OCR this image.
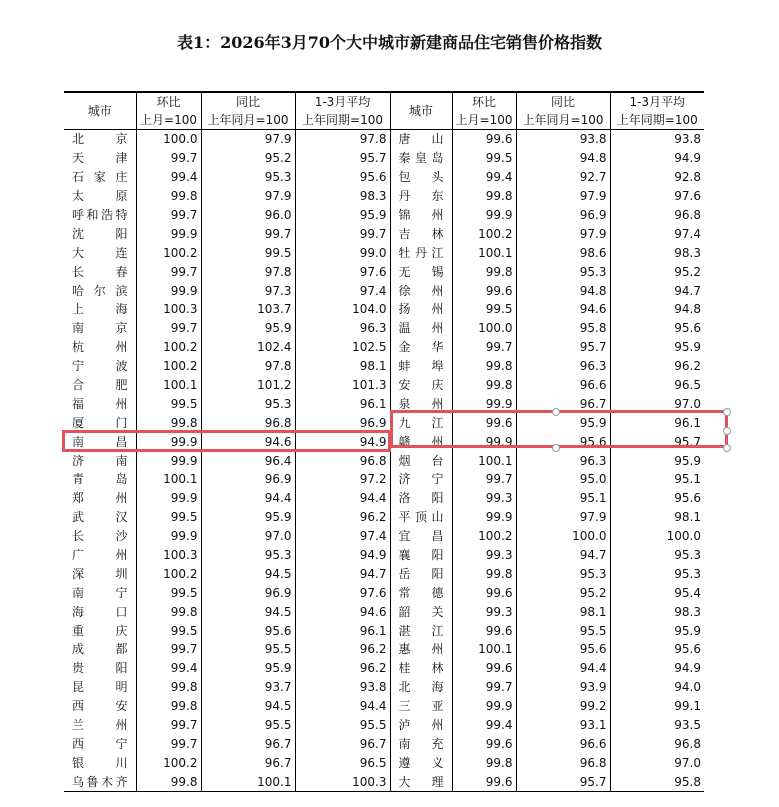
表1：2026年3月70个大中城市新建商品住宅销售价格指数
城市	环比	同比	1-3月平均	城市	环比	同比	1-3月平均
	上月=100	上年同月=100	上年同期=100		上月=100	上年同月=100	上年同期=100
北京	100.0	97.9	97.8	唐山	99.6	93.8	93.8
天津	99.7	95.2	95.7	秦皇岛	99.5	94.8	94.9
石家庄	99.4	95.3	95.6	包头	99.4	92.7	92.8
太原	99.8	97.9	98.3	丹东	99.8	97.9	97.6
呼和浩特	99.7	96.0	95.9	锦州	99.9	96.9	96.8
沈阳	99.9	99.7	99.7	吉林	100.2	97.9	97.4
大连	100.2	99.5	99.0	牡丹江	100.1	98.6	98.3
长春	99.7	97.8	97.6	无锡	99.8	95.3	95.2
哈尔滨	99.9	97.3	97.4	徐州	99.6	94.8	94.7
上海	100.3	103.7	104.0	扬州	99.5	94.6	94.8
南京	99.7	95.9	96.3	温州	100.0	95.8	95.6
杭州	100.2	102.4	102.5	金华	99.7	95.7	95.9
宁波	100.2	97.8	98.1	蚌埠	99.8	96.3	96.2
合肥	100.1	101.2	101.3	安庆	99.8	96.6	96.5
福州	99.5	95.3	96.1	泉州	99.9	96.7	97.0
厦门	99.8	96.8	96.9	九江	99.6	95.9	96.1
南昌	99.9	94.6	94.9	赣州	99.9	95.6	95.7
济南	99.9	96.4	96.8	烟台	100.1	96.3	95.9
青岛	100.1	96.9	97.2	济宁	99.7	95.0	95.1
郑州	99.9	94.4	94.4	洛阳	99.3	95.1	95.6
武汉	99.5	95.9	96.2	平顶山	99.9	97.9	98.1
长沙	99.9	97.0	97.4	宜昌	100.2	100.0	100.0
广州	100.3	95.3	94.9	襄阳	99.3	94.7	95.3
深圳	100.2	94.5	94.7	岳阳	99.8	95.3	95.3
南宁	99.5	96.9	97.6	常德	99.6	95.2	95.4
海口	99.8	94.5	94.6	韶关	99.3	98.1	98.3
重庆	99.5	95.6	96.1	湛江	99.6	95.5	95.9
成都	99.7	95.5	96.2	惠州	100.1	95.6	95.6
贵阳	99.4	95.9	96.2	桂林	99.6	94.4	94.9
昆明	99.8	93.7	93.8	北海	99.7	93.9	94.0
西安	99.8	94.5	94.4	三亚	99.9	99.2	99.1
兰州	99.7	95.5	95.5	泸州	99.4	93.1	93.5
西宁	99.7	96.7	96.7	南充	99.6	96.6	96.8
银川	100.2	96.7	96.5	遵义	99.8	96.8	97.0
乌鲁木齐	99.8	100.1	100.3	大理	99.6	95.7	95.8
